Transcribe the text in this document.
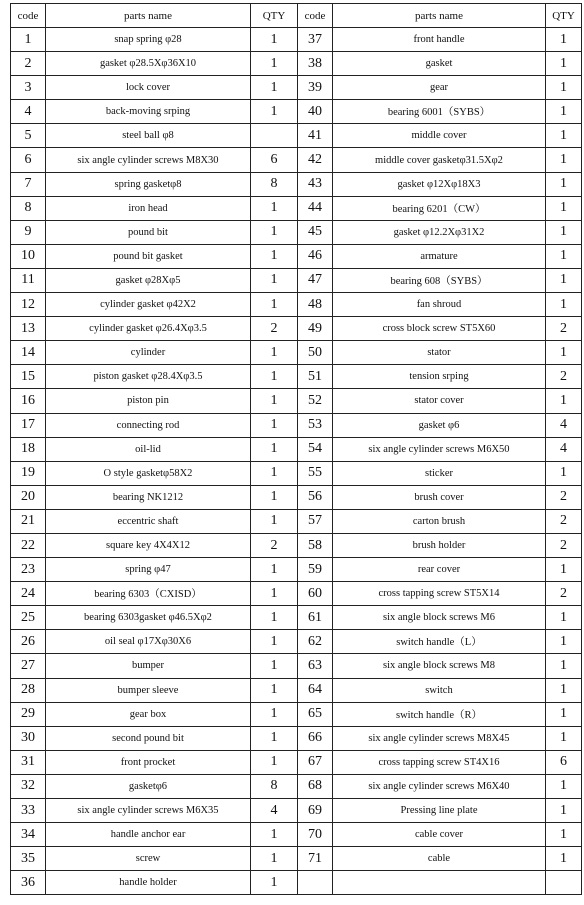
code	parts name	QTY	code	parts name	QTY
1	snap spring φ28	1	37	front handle	1
2	gasket φ28.5Xφ36X10	1	38	gasket	1
3	lock cover	1	39	gear	1
4	back-moving srping	1	40	bearing 6001（SYBS）	1
5	steel ball φ8		41	middle cover	1
6	six angle cylinder screws M8X30	6	42	middle cover gasketφ31.5Xφ2	1
7	spring gasketφ8	8	43	gasket φ12Xφ18X3	1
8	iron head	1	44	bearing 6201（CW）	1
9	pound bit	1	45	gasket φ12.2Xφ31X2	1
10	pound bit gasket	1	46	armature	1
11	gasket φ28Xφ5	1	47	bearing 608（SYBS）	1
12	cylinder gasket φ42X2	1	48	fan shroud	1
13	cylinder gasket φ26.4Xφ3.5	2	49	cross block screw ST5X60	2
14	cylinder	1	50	stator	1
15	piston gasket φ28.4Xφ3.5	1	51	tension srping	2
16	piston pin	1	52	stator cover	1
17	connecting rod	1	53	gasket φ6	4
18	oil-lid	1	54	six angle cylinder screws M6X50	4
19	O style gasketφ58X2	1	55	sticker	1
20	bearing NK1212	1	56	brush cover	2
21	eccentric shaft	1	57	carton brush	2
22	square key 4X4X12	2	58	brush holder	2
23	spring φ47	1	59	rear cover	1
24	bearing 6303（CXISD）	1	60	cross tapping screw ST5X14	2
25	bearing 6303gasket φ46.5Xφ2	1	61	six angle block screws M6	1
26	oil seal φ17Xφ30X6	1	62	switch handle（L）	1
27	bumper	1	63	six angle block screws M8	1
28	bumper sleeve	1	64	switch	1
29	gear box	1	65	switch handle（R）	1
30	second pound bit	1	66	six angle cylinder screws M8X45	1
31	front procket	1	67	cross tapping screw ST4X16	6
32	gasketφ6	8	68	six angle cylinder screws M6X40	1
33	six angle cylinder screws M6X35	4	69	Pressing line plate	1
34	handle anchor ear	1	70	cable cover	1
35	screw	1	71	cable	1
36	handle holder	1			
